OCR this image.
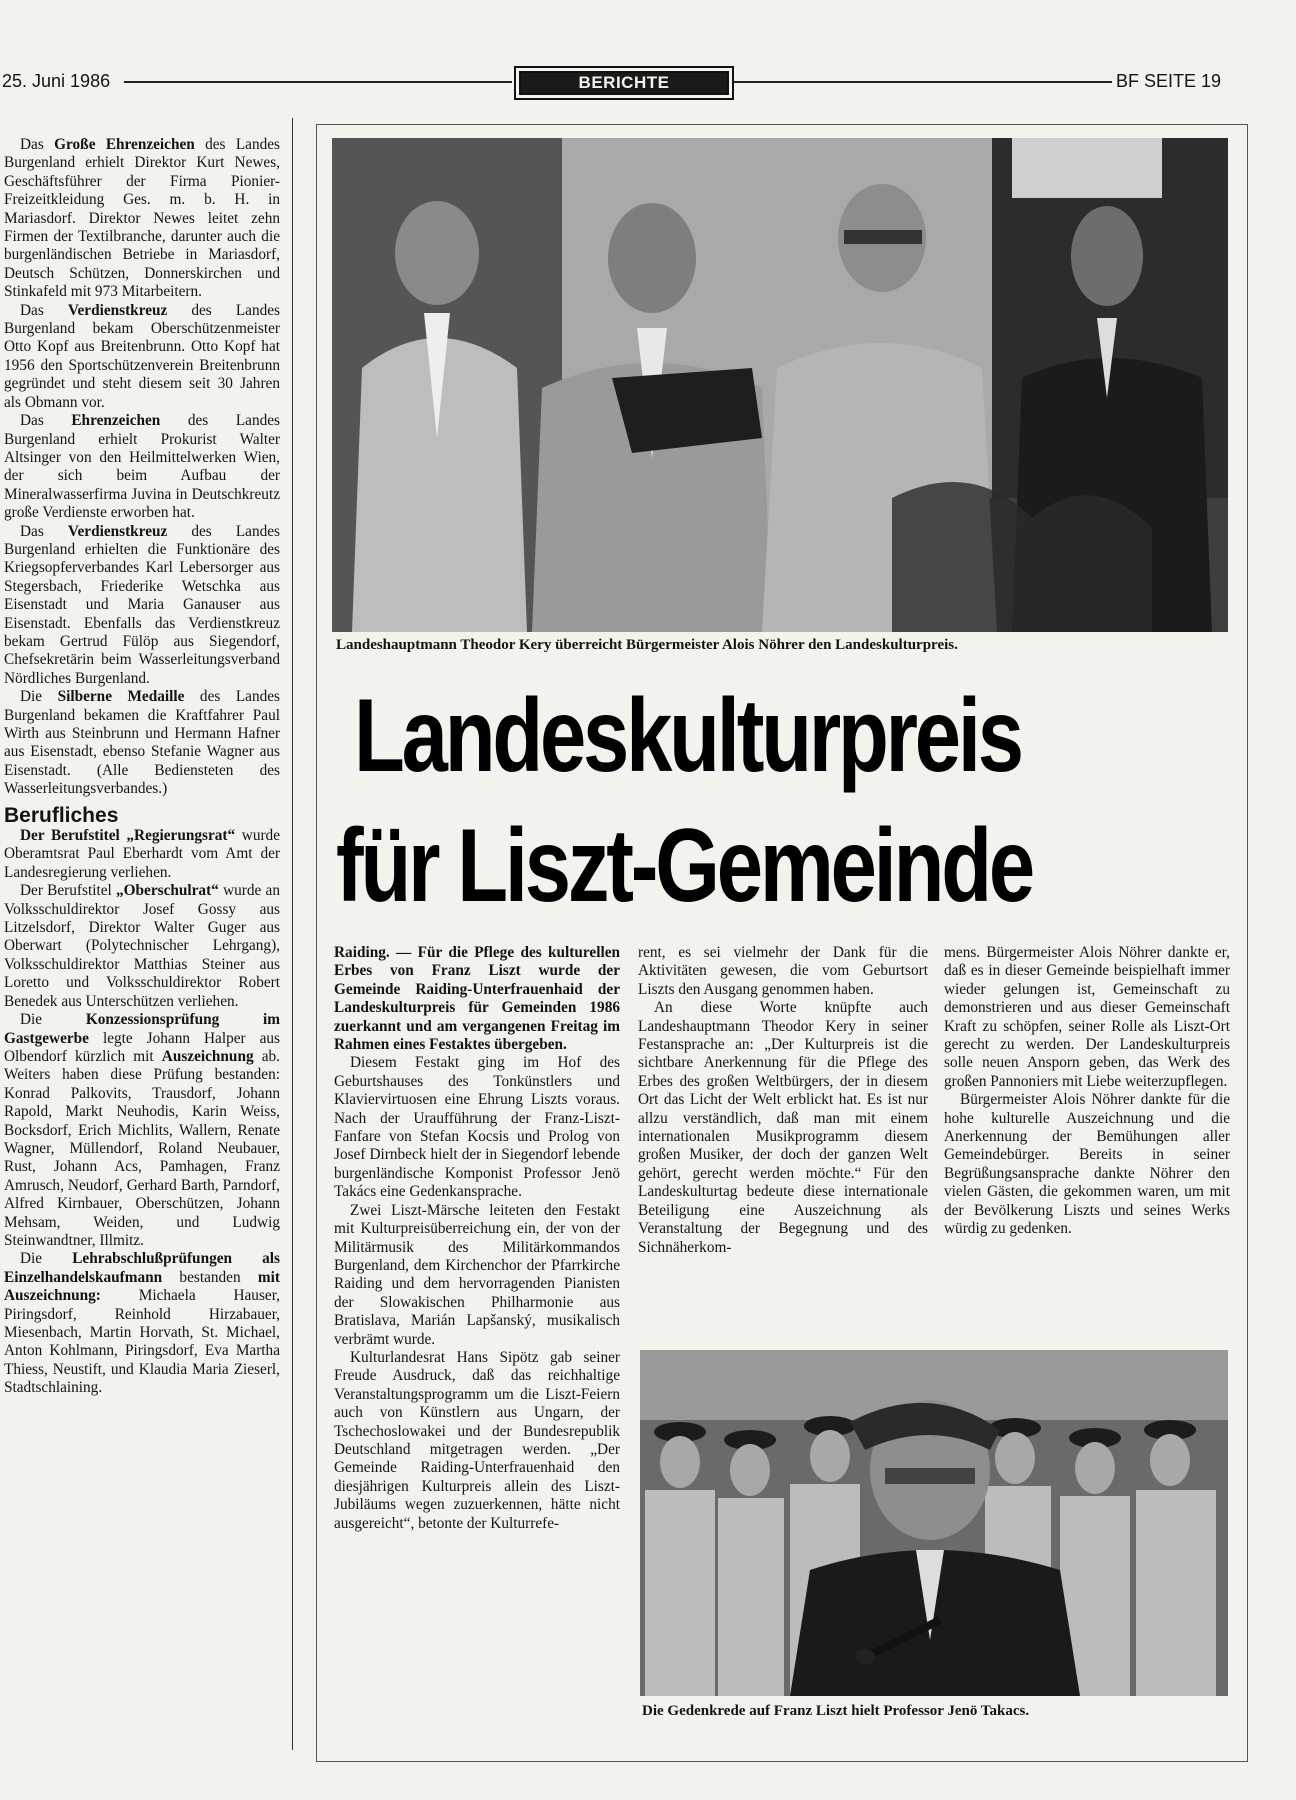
25. Juni 1986	BERICHTE	BF SEITE 19

Das Große Ehrenzeichen des Landes Burgenland erhielt Direktor Kurt Newes, Geschäftsführer der Firma Pionier-Freizeitkleidung Ges. m. b. H. in Mariasdorf. Direktor Newes leitet zehn Firmen der Textilbranche, darunter auch die burgenländischen Betriebe in Mariasdorf, Deutsch Schützen, Donnerskirchen und Stinkafeld mit 973 Mitarbeitern.

Das Verdienstkreuz des Landes Burgenland bekam Oberschützenmeister Otto Kopf aus Breitenbrunn. Otto Kopf hat 1956 den Sportschützenverein Breitenbrunn gegründet und steht diesem seit 30 Jahren als Obmann vor.

Das Ehrenzeichen des Landes Burgenland erhielt Prokurist Walter Altsinger von den Heilmittelwerken Wien, der sich beim Aufbau der Mineralwasserfirma Juvina in Deutschkreutz große Verdienste erworben hat.

Das Verdienstkreuz des Landes Burgenland erhielten die Funktionäre des Kriegsopferverbandes Karl Lebersorger aus Stegersbach, Friederike Wetschka aus Eisenstadt und Maria Ganauser aus Eisenstadt. Ebenfalls das Verdienstkreuz bekam Gertrud Fülöp aus Siegendorf, Chefsekretärin beim Wasserleitungsverband Nördliches Burgenland.

Die Silberne Medaille des Landes Burgenland bekamen die Kraftfahrer Paul Wirth aus Steinbrunn und Hermann Hafner aus Eisenstadt, ebenso Stefanie Wagner aus Eisenstadt. (Alle Bediensteten des Wasserleitungsverbandes.)

Berufliches

Der Berufstitel „Regierungsrat“ wurde Oberamtsrat Paul Eberhardt vom Amt der Landesregierung verliehen.

Der Berufstitel „Oberschulrat“ wurde an Volksschuldirektor Josef Gossy aus Litzelsdorf, Direktor Walter Guger aus Oberwart (Polytechnischer Lehrgang), Volksschuldirektor Matthias Steiner aus Loretto und Volksschuldirektor Robert Benedek aus Unterschützen verliehen.

Die Konzessionsprüfung im Gastgewerbe legte Johann Halper aus Olbendorf kürzlich mit Auszeichnung ab. Weiters haben diese Prüfung bestanden: Konrad Palkovits, Trausdorf, Johann Rapold, Markt Neuhodis, Karin Weiss, Bocksdorf, Erich Michlits, Wallern, Renate Wagner, Müllendorf, Roland Neubauer, Rust, Johann Acs, Pamhagen, Franz Amrusch, Neudorf, Gerhard Barth, Parndorf, Alfred Kirnbauer, Oberschützen, Johann Mehsam, Weiden, und Ludwig Steinwandtner, Illmitz.

Die Lehrabschlußprüfungen als Einzelhandelskaufmann bestanden mit Auszeichnung: Michaela Hauser, Piringsdorf, Reinhold Hirzabauer, Miesenbach, Martin Horvath, St. Michael, Anton Kohlmann, Piringsdorf, Eva Martha Thiess, Neustift, und Klaudia Maria Zieserl, Stadtschlaining.

Landeshauptmann Theodor Kery überreicht Bürgermeister Alois Nöhrer den Landeskulturpreis.
Landeskulturpreis
für Liszt-Gemeinde

Raiding. — Für die Pflege des kulturellen Erbes von Franz Liszt wurde der Gemeinde Raiding-Unterfrauenhaid der Landeskulturpreis für Gemeinden 1986 zuerkannt und am vergangenen Freitag im Rahmen eines Festaktes übergeben.

Diesem Festakt ging im Hof des Geburtshauses des Tonkünstlers und Klaviervirtuosen eine Ehrung Liszts voraus. Nach der Uraufführung der Franz-Liszt-Fanfare von Stefan Kocsis und Prolog von Josef Dirnbeck hielt der in Siegendorf lebende burgenländische Komponist Professor Jenö Takács eine Gedenkansprache.

Zwei Liszt-Märsche leiteten den Festakt mit Kulturpreisüberreichung ein, der von der Militärmusik des Militärkommandos Burgenland, dem Kirchenchor der Pfarrkirche Raiding und dem hervorragenden Pianisten der Slowakischen Philharmonie aus Bratislava, Marián Lapšanský, musikalisch verbrämt wurde.

Kulturlandesrat Hans Sipötz gab seiner Freude Ausdruck, daß das reichhaltige Veranstaltungsprogramm um die Liszt-Feiern auch von Künstlern aus Ungarn, der Tschechoslowakei und der Bundesrepublik Deutschland mitgetragen werden. „Der Gemeinde Raiding-Unterfrauenhaid den diesjährigen Kulturpreis allein des Liszt-Jubiläums wegen zuzuerkennen, hätte nicht ausgereicht“, betonte der Kulturrefe-

rent, es sei vielmehr der Dank für die Aktivitäten gewesen, die vom Geburtsort Liszts den Ausgang genommen haben.

An diese Worte knüpfte auch Landeshauptmann Theodor Kery in seiner Festansprache an: „Der Kulturpreis ist die sichtbare Anerkennung für die Pflege des Erbes des großen Weltbürgers, der in diesem Ort das Licht der Welt erblickt hat. Es ist nur allzu verständlich, daß man mit einem internationalen Musikprogramm diesem großen Musiker, der doch der ganzen Welt gehört, gerecht werden möchte.“ Für den Landeskulturtag bedeute diese internationale Beteiligung eine Auszeichnung als Veranstaltung der Begegnung und des Sichnäherkom-

mens. Bürgermeister Alois Nöhrer dankte er, daß es in dieser Gemeinde beispielhaft immer wieder gelungen ist, Gemeinschaft zu demonstrieren und aus dieser Gemeinschaft Kraft zu schöpfen, seiner Rolle als Liszt-Ort gerecht zu werden. Der Landeskulturpreis solle neuen Ansporn geben, das Werk des großen Pannoniers mit Liebe weiterzupflegen.

Bürgermeister Alois Nöhrer dankte für die hohe kulturelle Auszeichnung und die Anerkennung der Bemühungen aller Gemeindebürger. Bereits in seiner Begrüßungsansprache dankte Nöhrer den vielen Gästen, die gekommen waren, um mit der Bevölkerung Liszts und seines Werks würdig zu gedenken.

Die Gedenkrede auf Franz Liszt hielt Professor Jenö Takacs.
